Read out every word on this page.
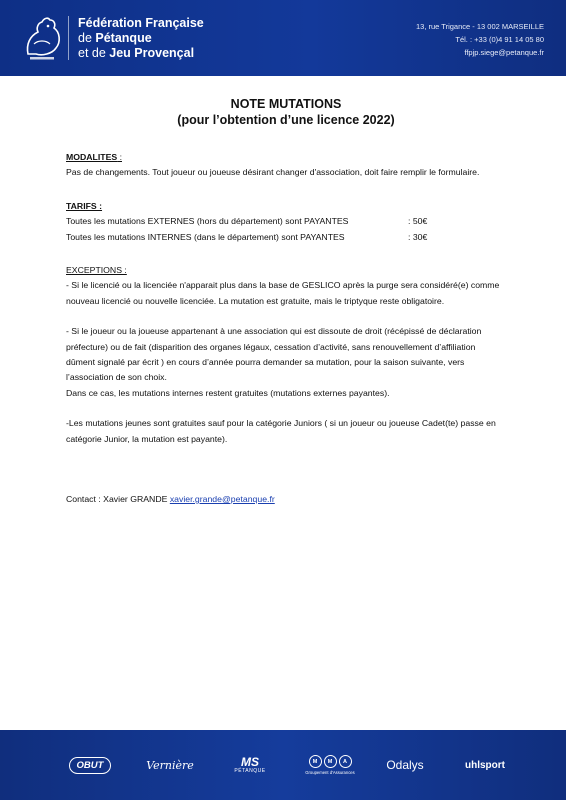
Fédération Française
de Pétanque
et de Jeu Provençal
13, rue Trigance - 13 002 MARSEILLE
Tél. : +33 (0)4 91 14 05 80
ffpjp.siege@petanque.fr

NOTE MUTATIONS
(pour l’obtention d’une licence 2022)

MODALITES :
Pas de changements. Tout joueur ou joueuse désirant changer d'association, doit faire remplir le formulaire.
TARIFS :
Toutes les mutations EXTERNES (hors du département) sont PAYANTES	: 50€
Toutes les mutations INTERNES (dans le département) sont PAYANTES	: 30€
EXCEPTIONS :
- Si le licencié ou la licenciée n'apparait plus dans la base de GESLICO après la purge sera considéré(e) comme nouveau licencié ou nouvelle licenciée. La mutation est gratuite, mais le triptyque reste obligatoire.
- Si le joueur ou la joueuse appartenant à une association qui est dissoute de droit (récépissé de déclaration préfecture) ou de fait (disparition des organes légaux, cessation d’activité, sans renouvellement d’affiliation dûment signalé par écrit ) en cours d’année pourra demander sa mutation, pour la saison suivante, vers l’association de son choix.
Dans ce cas, les mutations internes restent gratuites (mutations externes payantes).
-Les mutations jeunes sont gratuites sauf pour la catégorie Juniors ( si un joueur ou joueuse Cadet(te) passe en catégorie Junior, la mutation est payante).
Contact : Xavier GRANDE xavier.grande@petanque.fr
OBUT	Vernière	MS
PÉTANQUE
M	M	A
Groupement d'Assurances
Odalys	uhlsport
